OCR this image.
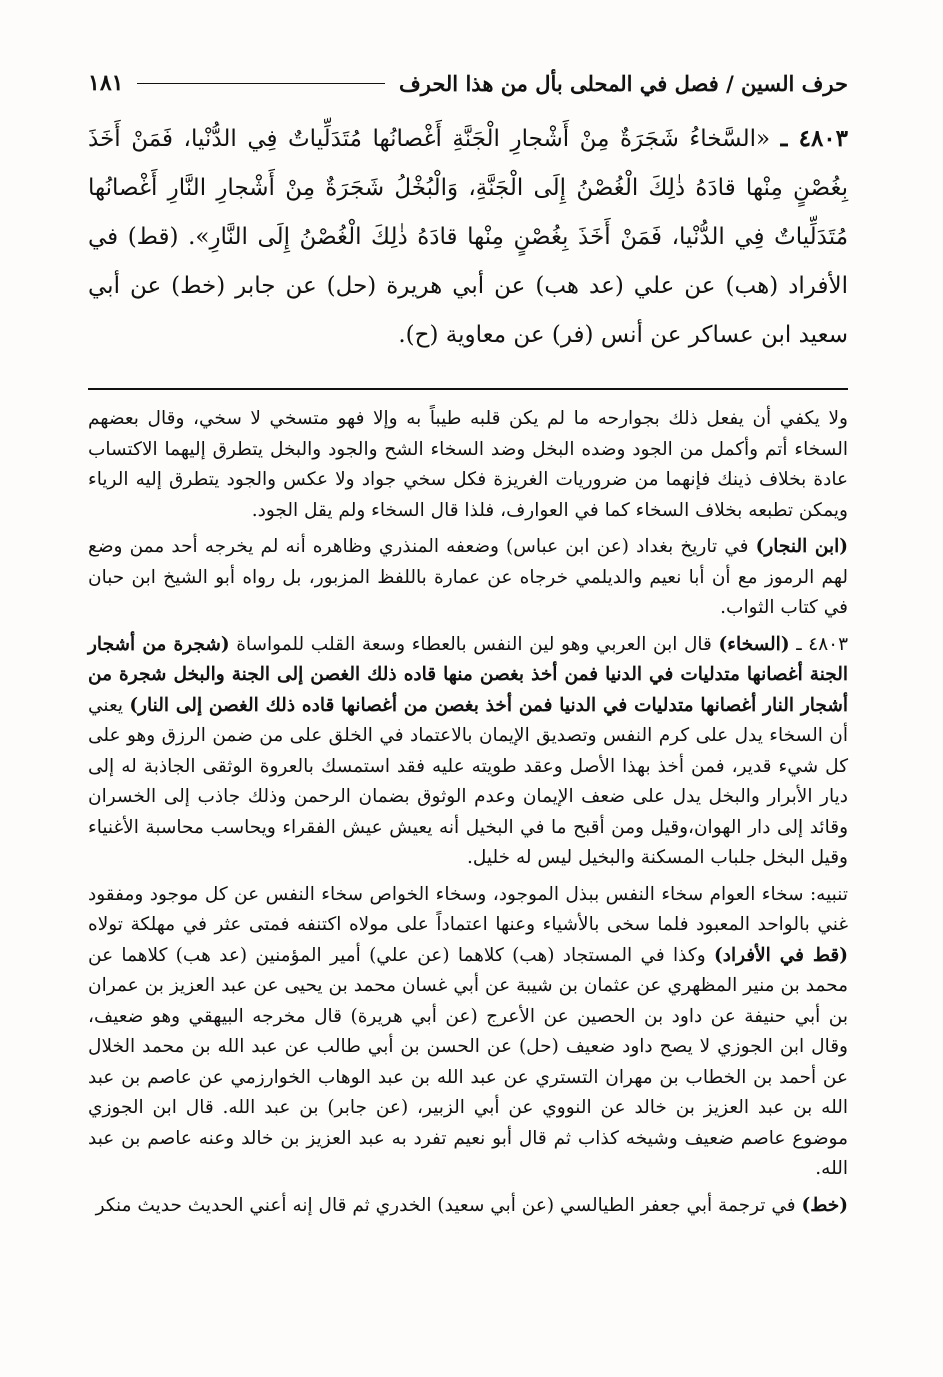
حرف السين / فصل في المحلى بأل من هذا الحرف
١٨١
٤٨٠٣ ـ «السَّخاءُ شَجَرَةٌ مِنْ أَشْجارِ الْجَنَّةِ أَغْصانُها مُتَدَلِّياتٌ فِي الدُّنْيا، فَمَنْ أَخَذَ بِغُصْنٍ مِنْها قادَهُ ذٰلِكَ الْغُصْنُ إِلَى الْجَنَّةِ، وَالْبُخْلُ شَجَرَةٌ مِنْ أَشْجارِ النَّارِ أَغْصانُها مُتَدَلِّياتٌ فِي الدُّنْيا، فَمَنْ أَخَذَ بِغُصْنٍ مِنْها قادَهُ ذٰلِكَ الْغُصْنُ إِلَى النَّارِ». (قط) في الأفراد (هب) عن علي (عد هب) عن أبي هريرة (حل) عن جابر (خط) عن أبي سعيد ابن عساكر عن أنس (فر) عن معاوية (ح).

ولا يكفي أن يفعل ذلك بجوارحه ما لم يكن قلبه طيباً به وإلا فهو متسخي لا سخي، وقال بعضهم السخاء أتم وأكمل من الجود وضده البخل وضد السخاء الشح والجود والبخل يتطرق إليهما الاكتساب عادة بخلاف ذينك فإنهما من ضروريات الغريزة فكل سخي جواد ولا عكس والجود يتطرق إليه الرياء ويمكن تطبعه بخلاف السخاء كما في العوارف، فلذا قال السخاء ولم يقل الجود.

(ابن النجار) في تاريخ بغداد (عن ابن عباس) وضعفه المنذري وظاهره أنه لم يخرجه أحد ممن وضع لهم الرموز مع أن أبا نعيم والديلمي خرجاه عن عمارة باللفظ المزبور، بل رواه أبو الشيخ ابن حبان في كتاب الثواب.

٤٨٠٣ ـ (السخاء) قال ابن العربي وهو لين النفس بالعطاء وسعة القلب للمواساة (شجرة من أشجار الجنة أغصانها متدليات في الدنيا فمن أخذ بغصن منها قاده ذلك الغصن إلى الجنة والبخل شجرة من أشجار النار أغصانها متدليات في الدنيا فمن أخذ بغصن من أغصانها قاده ذلك الغصن إلى النار) يعني أن السخاء يدل على كرم النفس وتصديق الإيمان بالاعتماد في الخلق على من ضمن الرزق وهو على كل شيء قدير، فمن أخذ بهذا الأصل وعقد طويته عليه فقد استمسك بالعروة الوثقى الجاذبة له إلى ديار الأبرار والبخل يدل على ضعف الإيمان وعدم الوثوق بضمان الرحمن وذلك جاذب إلى الخسران وقائد إلى دار الهوان،وقيل ومن أقبح ما في البخيل أنه يعيش عيش الفقراء ويحاسب محاسبة الأغنياء وقيل البخل جلباب المسكنة والبخيل ليس له خليل.

تنبيه: سخاء العوام سخاء النفس ببذل الموجود، وسخاء الخواص سخاء النفس عن كل موجود ومفقود غني بالواحد المعبود فلما سخى بالأشياء وعنها اعتماداً على مولاه اكتنفه فمتى عثر في مهلكة تولاه (قط في الأفراد) وكذا في المستجاد (هب) كلاهما (عن علي) أمير المؤمنين (عد هب) كلاهما عن محمد بن منير المظهري عن عثمان بن شيبة عن أبي غسان محمد بن يحيى عن عبد العزيز بن عمران بن أبي حنيفة عن داود بن الحصين عن الأعرج (عن أبي هريرة) قال مخرجه البيهقي وهو ضعيف، وقال ابن الجوزي لا يصح داود ضعيف (حل) عن الحسن بن أبي طالب عن عبد الله بن محمد الخلال عن أحمد بن الخطاب بن مهران التستري عن عبد الله بن عبد الوهاب الخوارزمي عن عاصم بن عبد الله بن عبد العزيز بن خالد عن النووي عن أبي الزبير، (عن جابر) بن عبد الله. قال ابن الجوزي موضوع عاصم ضعيف وشيخه كذاب ثم قال أبو نعيم تفرد به عبد العزيز بن خالد وعنه عاصم بن عبد الله.

(خط) في ترجمة أبي جعفر الطيالسي (عن أبي سعيد) الخدري ثم قال إنه أعني الحديث حديث منكر
